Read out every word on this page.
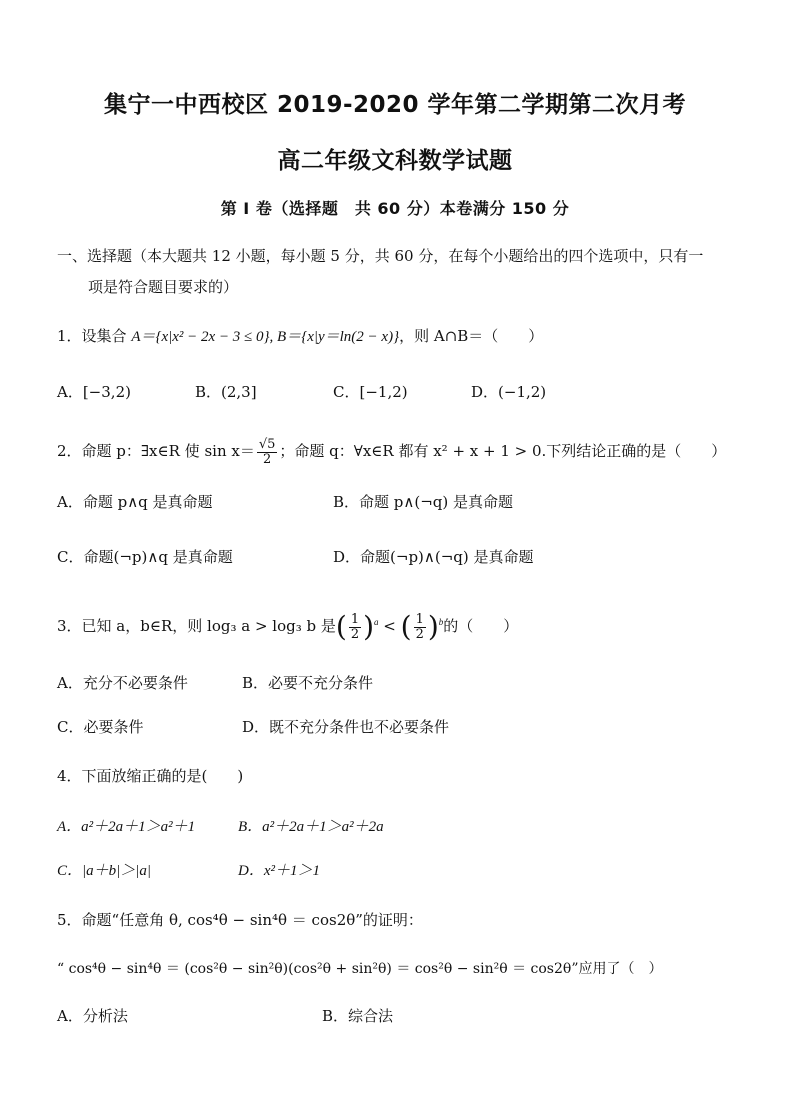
集宁一中西校区 2019-2020 学年第二学期第二次月考
高二年级文科数学试题
第 I 卷（选择题　共 60 分）本卷满分 150 分
一、选择题（本大题共 12 小题，每小题 5 分，共 60 分，在每个小题给出的四个选项中，只有一
项是符合题目要求的）
1．设集合 A＝{x|x² − 2x − 3 ≤ 0}, B＝{x|y＝ln(2 − x)}，则 A∩B＝（　　）
A．[−3,2)	B．(2,3]	C．[−1,2)	D．(−1,2)
2．命题 p：∃x∈R 使 $\sin x= \frac{√5}{2}$ ；命题 q：∀x∈R 都有 x² + x + 1 > 0.下列结论正确的是（　　）
A．命题 p∧q 是真命题	B．命题 p∧(¬q) 是真命题
C．命题(¬p)∧q 是真命题	D．命题(¬p)∧(¬q) 是真命题
3．已知 a，b∈R，则 log₃ a > log₃ b 是( $\frac{1}{2} )^a$ < ( $\frac{1}{2} )^b$的（　　）
A．充分不必要条件	B．必要不充分条件
C．必要条件	D．既不充分条件也不必要条件
4．下面放缩正确的是(　　)
A．a²＋2a＋1＞a²＋1	B．a²＋2a＋1＞a²＋2a
C．|a＋b|＞|a|	D．x²＋1＞1
5．命题“任意角 θ, cos⁴θ − sin⁴θ ＝ cos2θ”的证明：
“ cos⁴θ − sin⁴θ ＝ (cos²θ − sin²θ)(cos²θ + sin²θ) ＝ cos²θ − sin²θ ＝ cos2θ”应用了（　）
A．分析法	B．综合法
